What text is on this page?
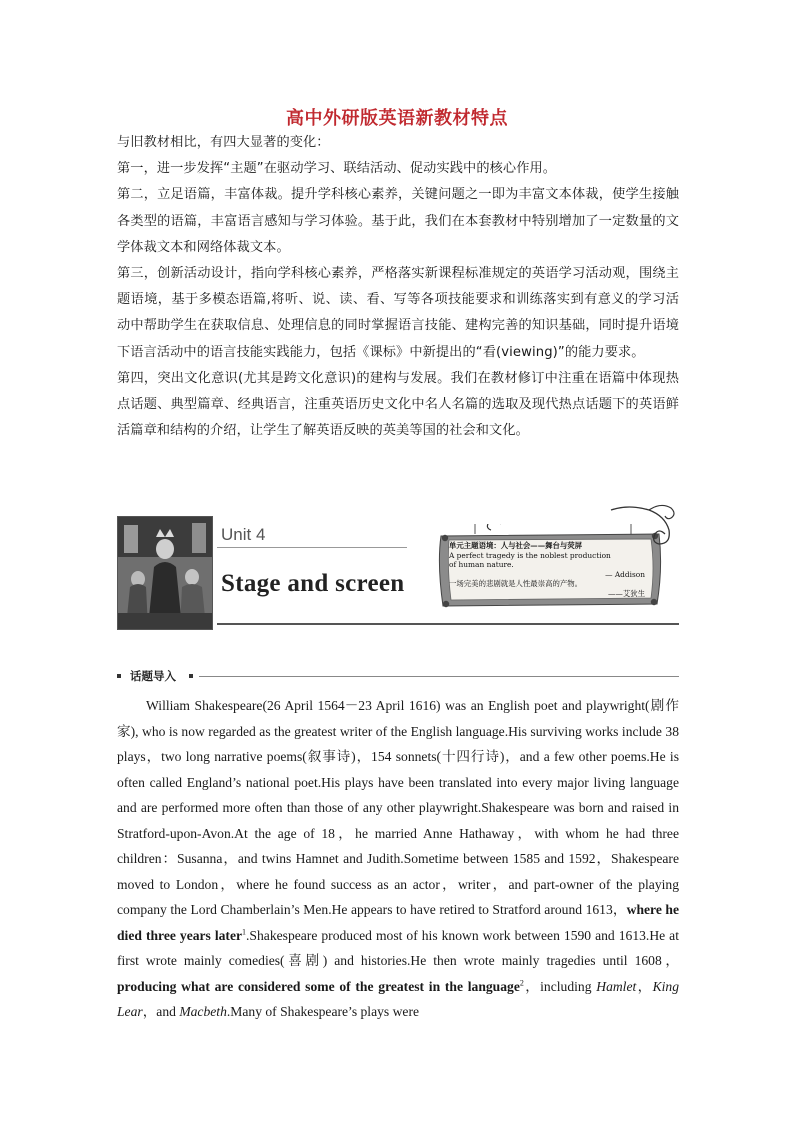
高中外研版英语新教材特点

与旧教材相比，有四大显著的变化：

第一，进一步发挥“主题”在驱动学习、联结活动、促动实践中的核心作用。

第二，立足语篇，丰富体裁。提升学科核心素养，关键问题之一即为丰富文本体裁，使学生接触各类型的语篇，丰富语言感知与学习体验。基于此，我们在本套教材中特别增加了一定数量的文学体裁文本和网络体裁文本。

第三，创新活动设计，指向学科核心素养，严格落实新课程标准规定的英语学习活动观，围绕主题语境，基于多模态语篇,将听、说、读、看、写等各项技能要求和训练落实到有意义的学习活动中帮助学生在获取信息、处理信息的同时掌握语言技能、建构完善的知识基础，同时提升语境下语言活动中的语言技能实践能力，包括《课标》中新提出的“看(viewing)”的能力要求。

第四，突出文化意识(尤其是跨文化意识)的建构与发展。我们在教材修订中注重在语篇中体现热点话题、典型篇章、经典语言，注重英语历史文化中名人名篇的选取及现代热点话题下的英语鲜活篇章和结构的介绍，让学生了解英语反映的英美等国的社会和文化。

Unit 4
Stage and screen
单元主题语境：人与社会——舞台与荧屏
A perfect tragedy is the noblest production
of human nature.
— Addison
一场完美的悲剧就是人性最崇高的产物。
——艾狄生
话题导入

William Shakespeare(26 April 1564－23 April 1616) was an English poet and playwright(剧作家), who is now regarded as the greatest writer of the English language.His surviving works include 38 plays，two long narrative poems(叙事诗)，154 sonnets(十四行诗)，and a few other poems.He is often called England’s national poet.His plays have been translated into every major living language and are performed more often than those of any other playwright.Shakespeare was born and raised in Stratford-upon-Avon.At the age of 18，he married Anne Hathaway，with whom he had three children：Susanna，and twins Hamnet and Judith.Sometime between 1585 and 1592，Shakespeare moved to London，where he found success as an actor，writer，and part-owner of the playing company the Lord Chamberlain’s Men.He appears to have retired to Stratford around 1613，where he died three years later$^1$.Shakespeare produced most of his known work between 1590 and 1613.He at first wrote mainly comedies(喜剧) and histories.He then wrote mainly tragedies until 1608，producing what are considered some of the greatest in the language$^2$，including Hamlet，King Lear，and Macbeth.Many of Shakespeare’s plays were
